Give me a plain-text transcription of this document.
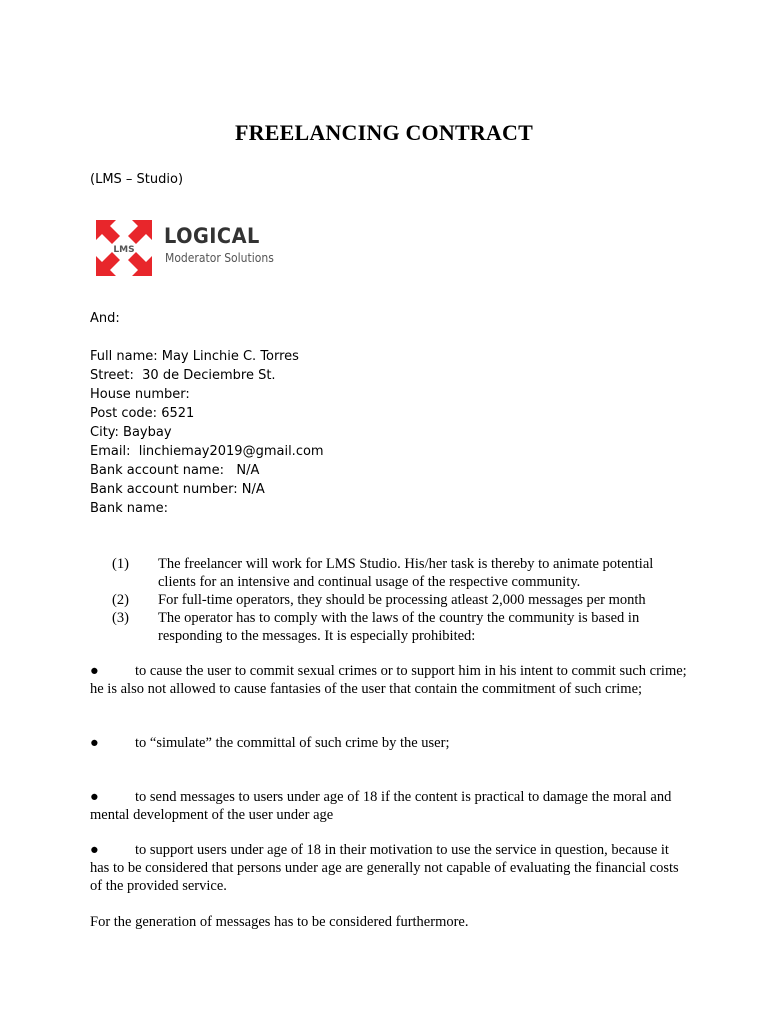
FREELANCING CONTRACT
(LMS – Studio)
LMS
LOGICAL
Moderator Solutions
And:
Full name: May Linchie C. Torres
Street:  30 de Deciembre St.
House number:
Post code: 6521
City: Baybay
Email:  linchiemay2019@gmail.com
Bank account name:   N/A
Bank account number: N/A
Bank name:
(1)	The freelancer will work for LMS Studio. His/her task is thereby to animate potential clients for an intensive and continual usage of the respective community.
(2)	For full-time operators, they should be processing atleast 2,000 messages per month
(3)	The operator has to comply with the laws of the country the community is based in responding to the messages. It is especially prohibited:
● to cause the user to commit sexual crimes or to support him in his intent to commit such crime; he is also not allowed to cause fantasies of the user that contain the commitment of such crime;
● to “simulate” the committal of such crime by the user;
● to send messages to users under age of 18 if the content is practical to damage the moral and mental development of the user under age
● to support users under age of 18 in their motivation to use the service in question, because it has to be considered that persons under age are generally not capable of evaluating the financial costs of the provided service.
For the generation of messages has to be considered furthermore.
